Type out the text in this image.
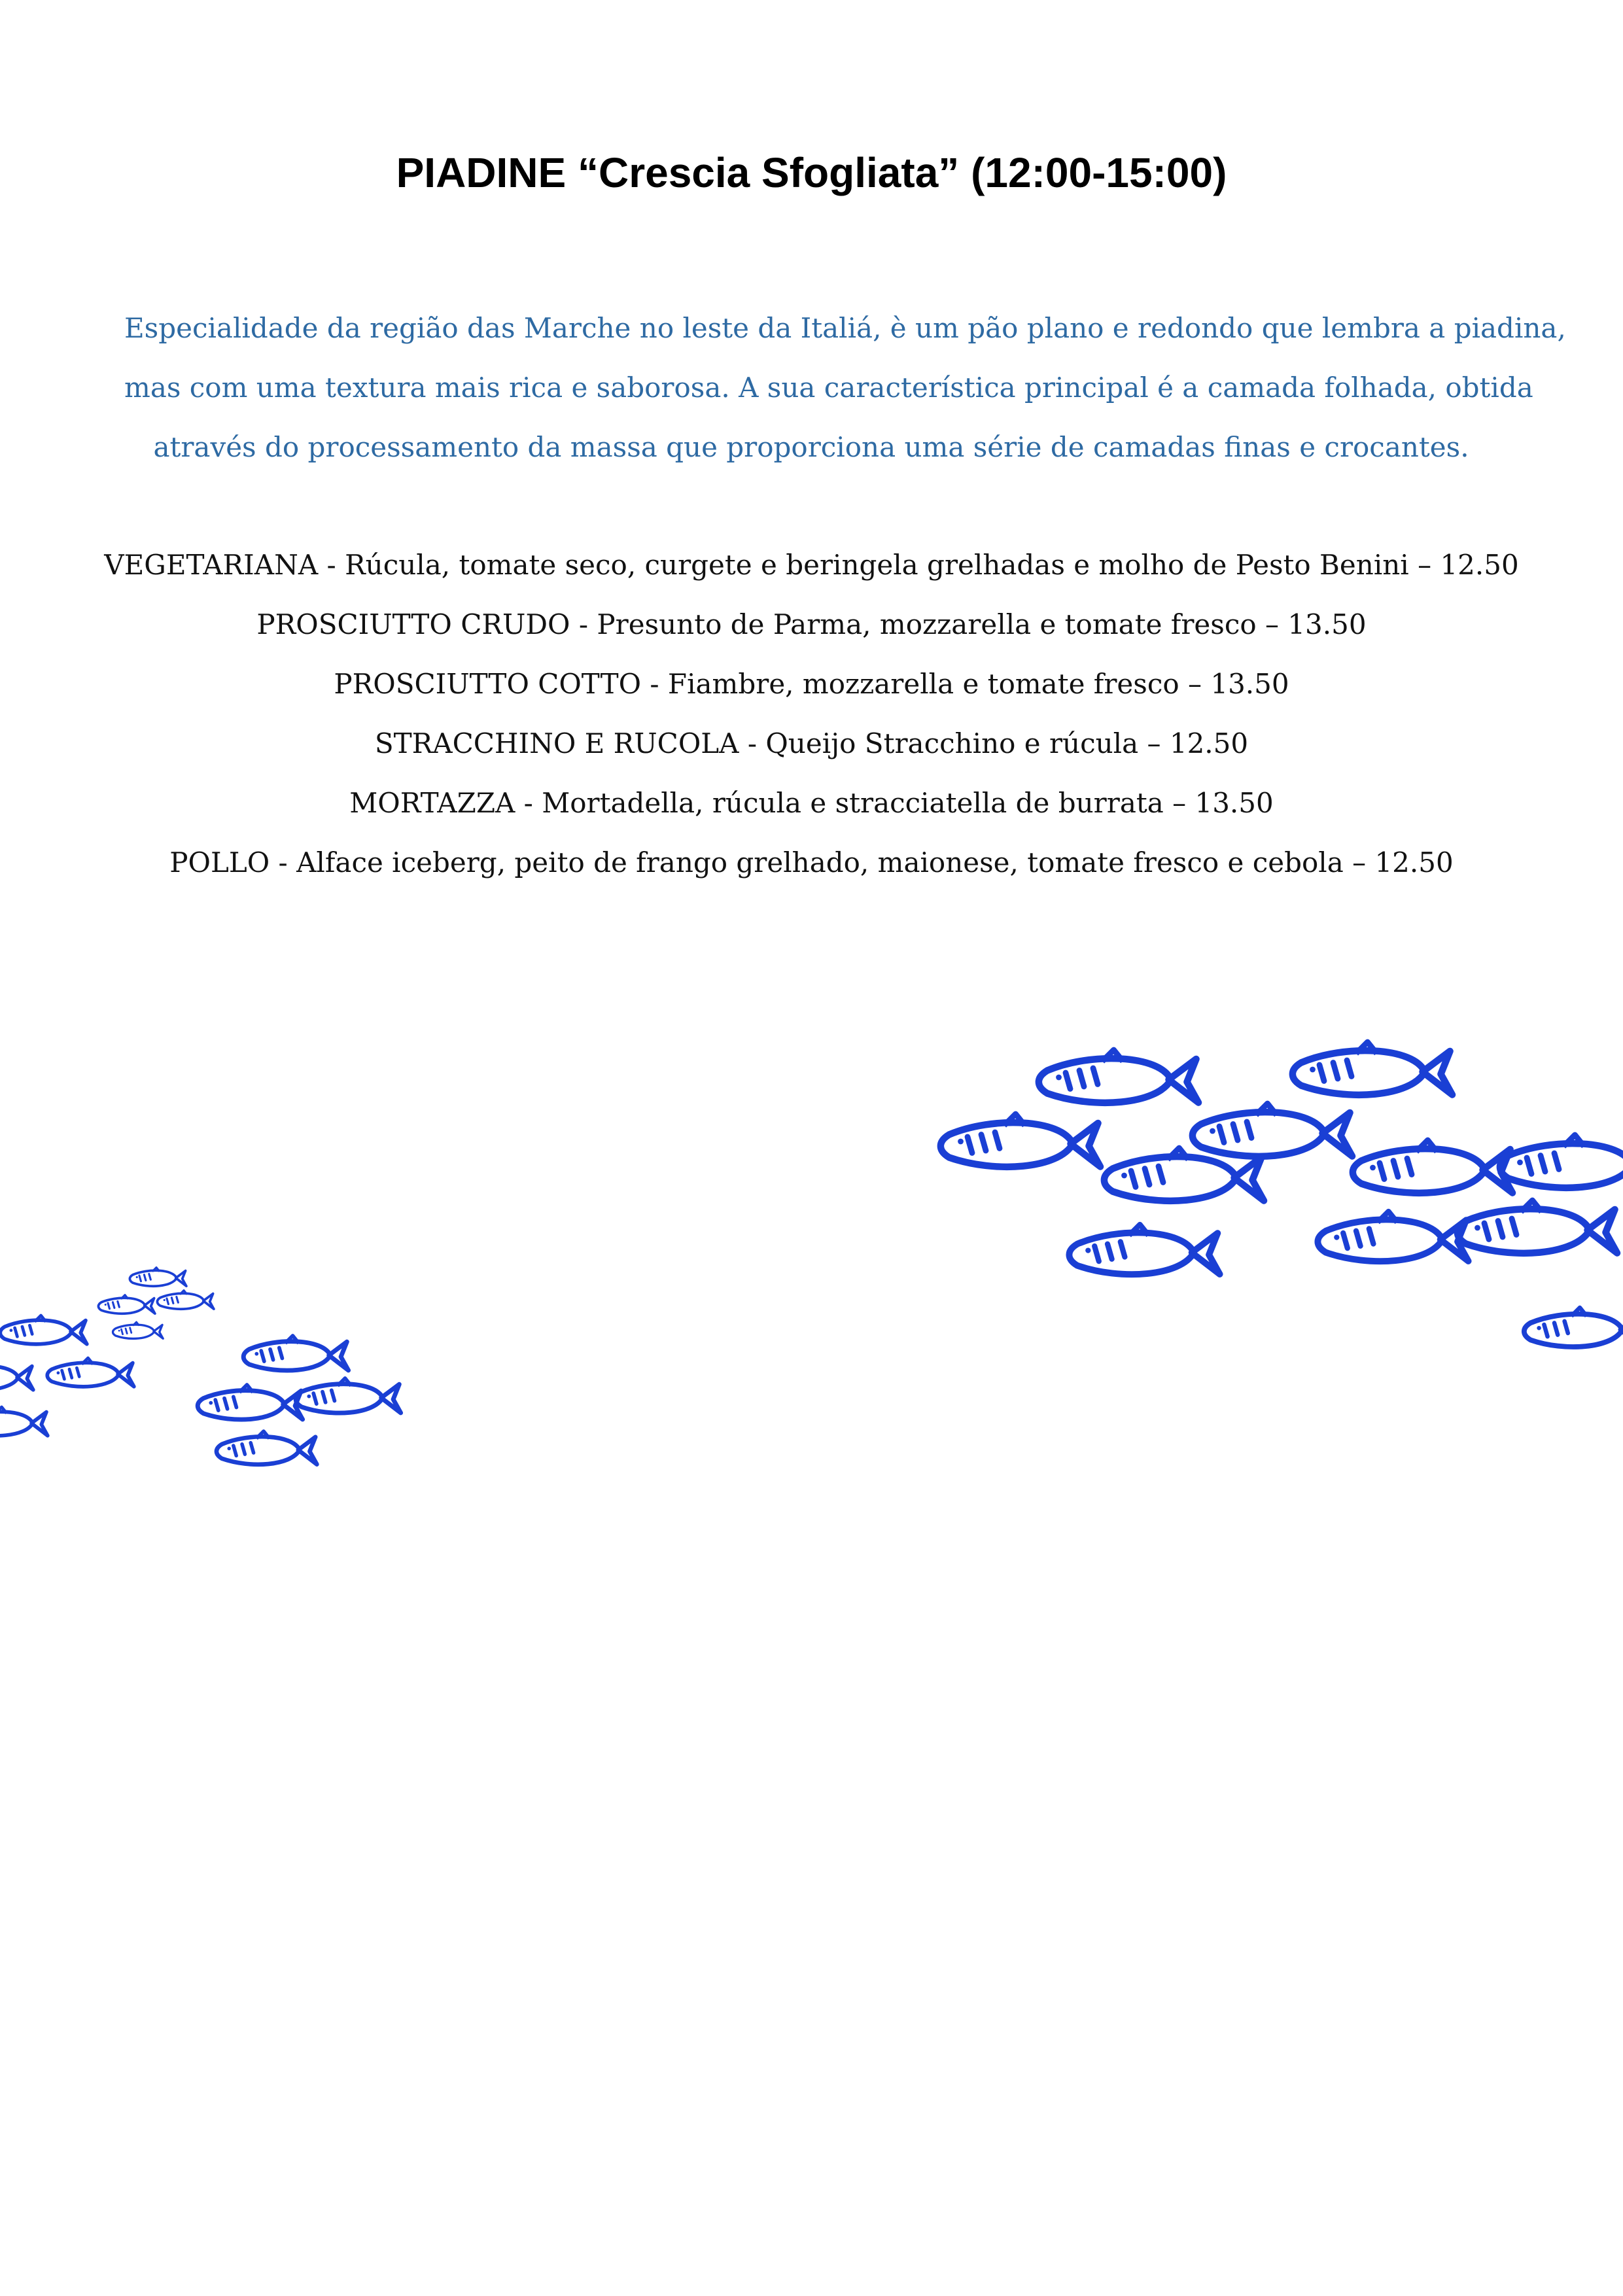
PIADINE “Crescia Sfogliata” (12:00-15:00)
Especialidade da região das Marche no leste da Italiá, è um pão plano e redondo que lembra a piadina,
mas com uma textura mais rica e saborosa. A sua característica principal é a camada folhada, obtida
através do processamento da massa que proporciona uma série de camadas finas e crocantes.
VEGETARIANA - Rúcula, tomate seco, curgete e beringela grelhadas e molho de Pesto Benini – 12.50
PROSCIUTTO CRUDO - Presunto de Parma, mozzarella e tomate fresco – 13.50
PROSCIUTTO COTTO - Fiambre, mozzarella e tomate fresco – 13.50
STRACCHINO E RUCOLA - Queijo Stracchino e rúcula – 12.50
MORTAZZA - Mortadella, rúcula e stracciatella de burrata – 13.50
POLLO - Alface iceberg, peito de frango grelhado, maionese, tomate fresco e cebola – 12.50
